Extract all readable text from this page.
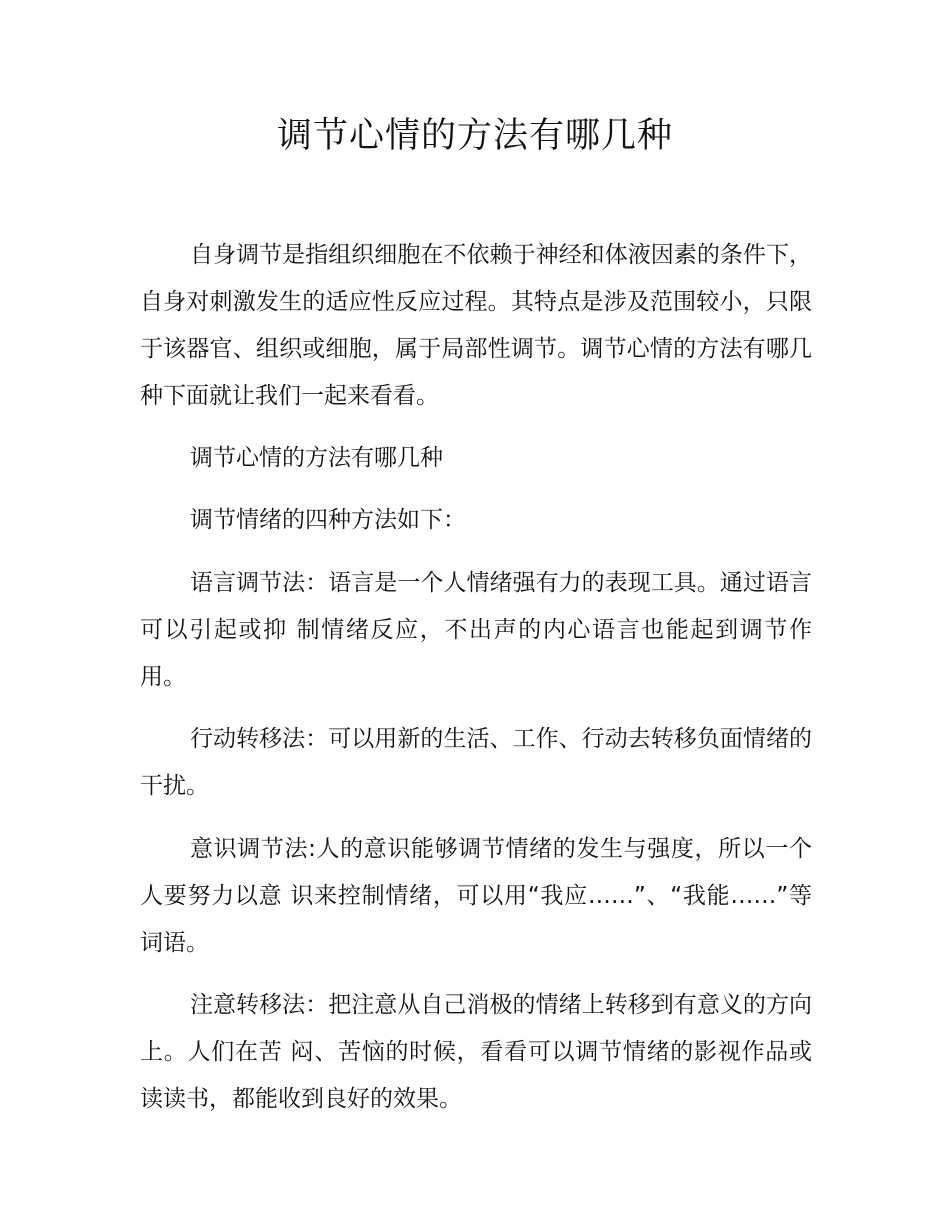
调节心情的方法有哪几种

自身调节是指组织细胞在不依赖于神经和体液因素的条件下，自身对刺激发生的适应性反应过程。其特点是涉及范围较小，只限于该器官、组织或细胞，属于局部性调节。调节心情的方法有哪几种下面就让我们一起来看看。

调节心情的方法有哪几种

调节情绪的四种方法如下：

语言调节法：语言是一个人情绪强有力的表现工具。通过语言可以引起或抑 制情绪反应，不出声的内心语言也能起到调节作用。

行动转移法：可以用新的生活、工作、行动去转移负面情绪的干扰。

意识调节法:人的意识能够调节情绪的发生与强度，所以一个人要努力以意 识来控制情绪，可以用“我应……”、“我能……”等词语。

注意转移法：把注意从自己消极的情绪上转移到有意义的方向上。人们在苦 闷、苦恼的时候，看看可以调节情绪的影视作品或读读书，都能收到良好的效果。
